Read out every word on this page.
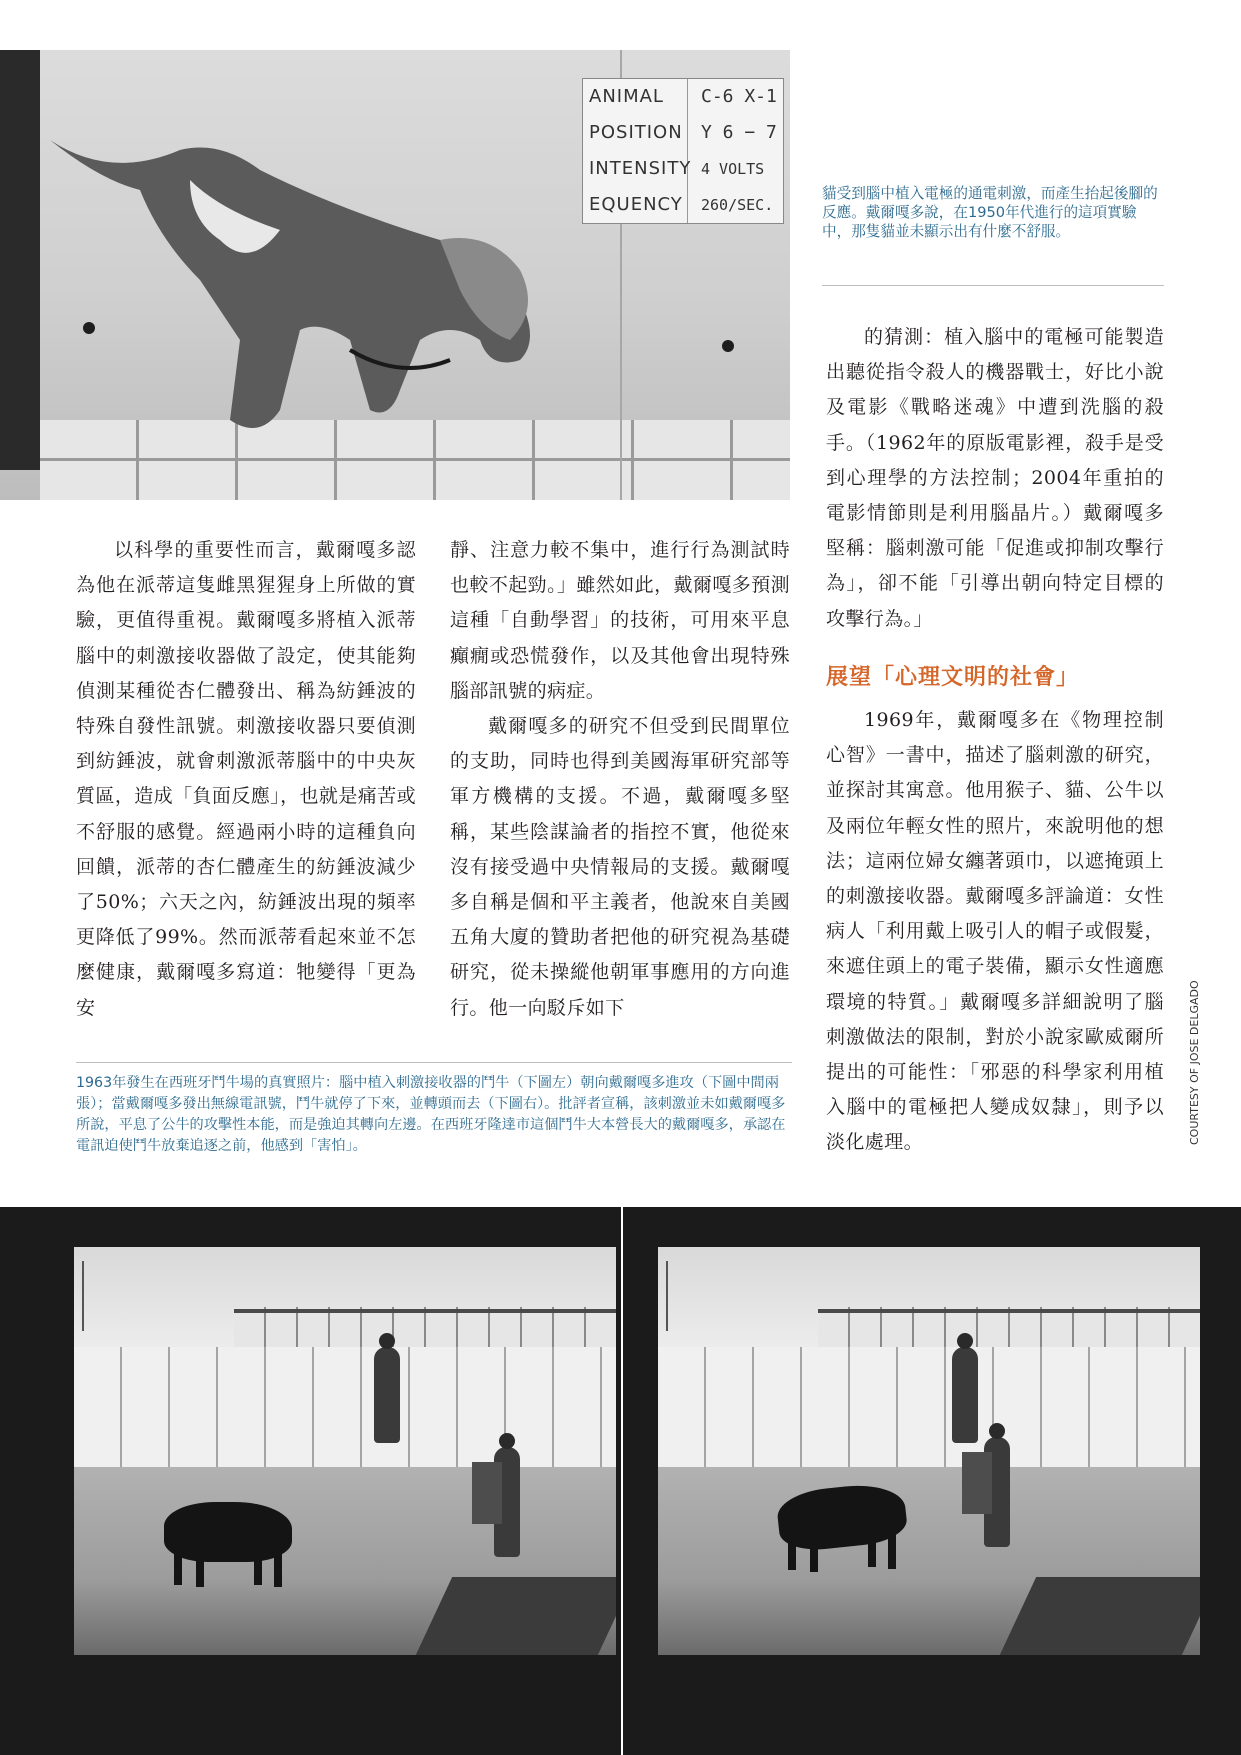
ANIMAL C-6 X-1
POSITION Y 6 − 7
INTENSITY 4 VOLTS
EQUENCY 260/SEC.

貓受到腦中植入電極的通電刺激，而產生抬起後腳的反應。戴爾嘎多說，在1950年代進行的這項實驗中，那隻貓並未顯示出有什麼不舒服。

以科學的重要性而言，戴爾嘎多認為他在派蒂這隻雌黑猩猩身上所做的實驗，更值得重視。戴爾嘎多將植入派蒂腦中的刺激接收器做了設定，使其能夠偵測某種從杏仁體發出、稱為紡錘波的特殊自發性訊號。刺激接收器只要偵測到紡錘波，就會刺激派蒂腦中的中央灰質區，造成「負面反應」，也就是痛苦或不舒服的感覺。經過兩小時的這種負向回饋，派蒂的杏仁體產生的紡錘波減少了50%；六天之內，紡錘波出現的頻率更降低了99%。然而派蒂看起來並不怎麼健康，戴爾嘎多寫道：牠變得「更為安

靜、注意力較不集中，進行行為測試時也較不起勁。」雖然如此，戴爾嘎多預測這種「自動學習」的技術，可用來平息癲癇或恐慌發作，以及其他會出現特殊腦部訊號的病症。

戴爾嘎多的研究不但受到民間單位的支助，同時也得到美國海軍研究部等軍方機構的支援。不過，戴爾嘎多堅稱，某些陰謀論者的指控不實，他從來沒有接受過中央情報局的支援。戴爾嘎多自稱是個和平主義者，他說來自美國五角大廈的贊助者把他的研究視為基礎研究，從未操縱他朝軍事應用的方向進行。他一向駁斥如下

的猜測：植入腦中的電極可能製造出聽從指令殺人的機器戰士，好比小說及電影《戰略迷魂》中遭到洗腦的殺手。（1962年的原版電影裡，殺手是受到心理學的方法控制；2004年重拍的電影情節則是利用腦晶片。）戴爾嘎多堅稱：腦刺激可能「促進或抑制攻擊行為」，卻不能「引導出朝向特定目標的攻擊行為。」

展望「心理文明的社會」

1969年，戴爾嘎多在《物理控制心智》一書中，描述了腦刺激的研究，並探討其寓意。他用猴子、貓、公牛以及兩位年輕女性的照片，來說明他的想法；這兩位婦女纏著頭巾，以遮掩頭上的刺激接收器。戴爾嘎多評論道：女性病人「利用戴上吸引人的帽子或假髮，來遮住頭上的電子裝備，顯示女性適應環境的特質。」戴爾嘎多詳細說明了腦刺激做法的限制，對於小說家歐威爾所提出的可能性：「邪惡的科學家利用植入腦中的電極把人變成奴隸」，則予以淡化處理。	COURTESY OF JOSE DELGADO

1963年發生在西班牙鬥牛場的真實照片：腦中植入刺激接收器的鬥牛（下圖左）朝向戴爾嘎多進攻（下圖中間兩張）；當戴爾嘎多發出無線電訊號，鬥牛就停了下來，並轉頭而去（下圖右）。批評者宣稱，該刺激並未如戴爾嘎多所說，平息了公牛的攻擊性本能，而是強迫其轉向左邊。在西班牙隆達市這個鬥牛大本營長大的戴爾嘎多，承認在電訊迫使鬥牛放棄追逐之前，他感到「害怕」。
